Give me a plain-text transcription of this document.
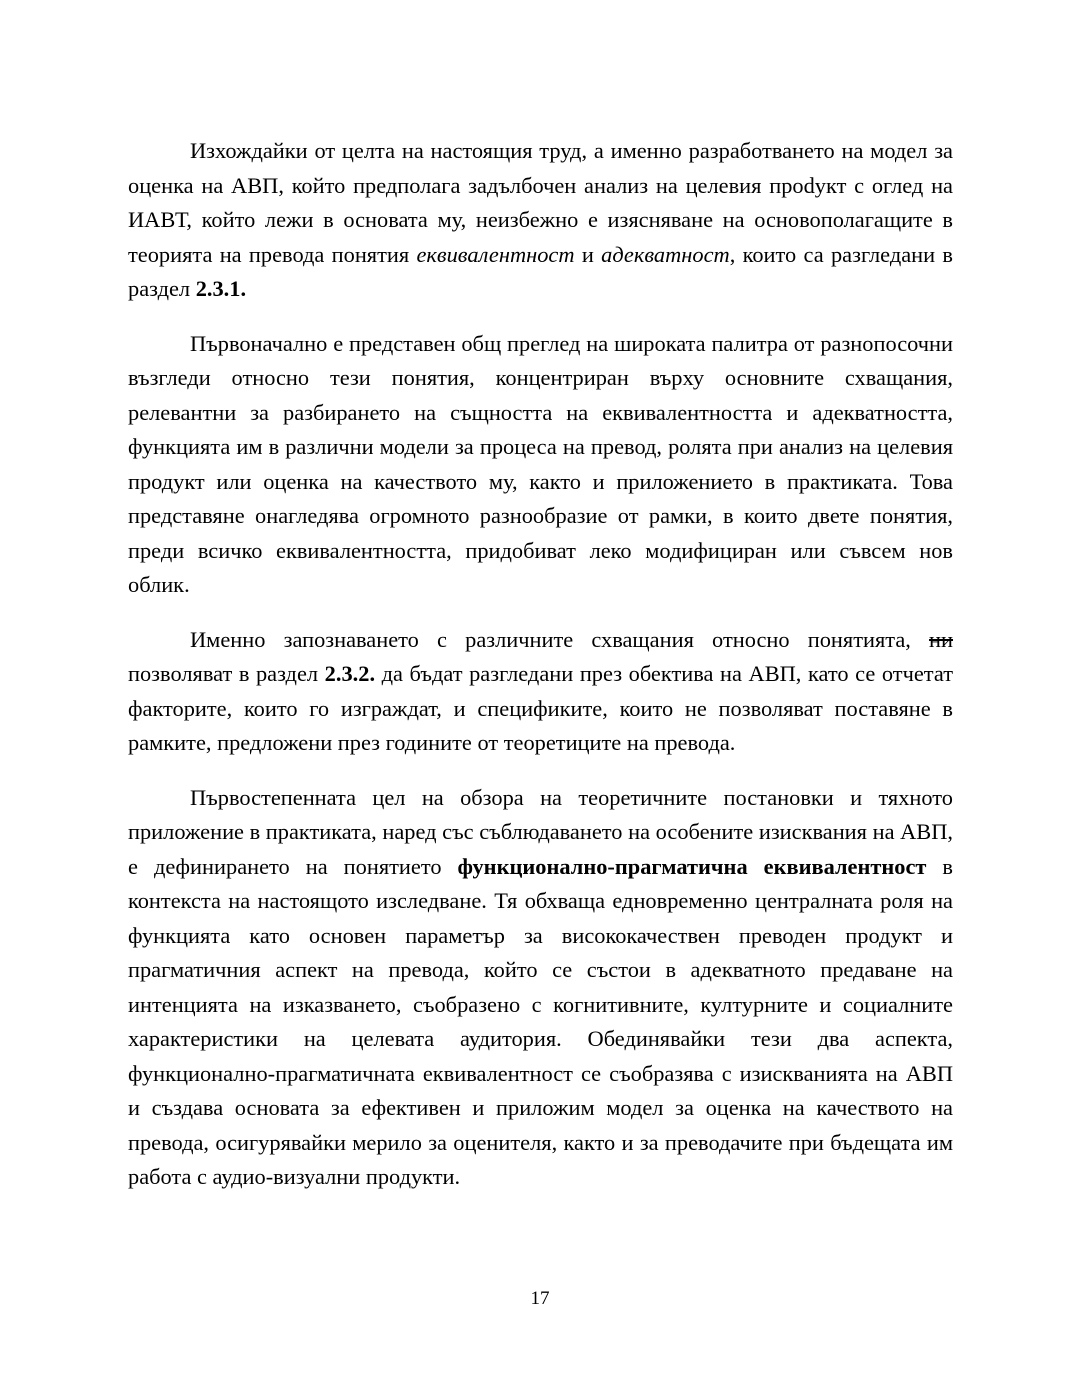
Изхождайки от целта на настоящия труд, а именно разработването на модел за оценка на АВП, който предполага задълбочен анализ на целевия проdукт с оглед на ИАВТ, който лежи в основата му, неизбежно е изясняване на основополагащите в теорията на превода понятия еквивалентност и адекватност, които са разгледани в раздел 2.3.1.

Първоначално е представен общ преглед на широката палитра от разнопосочни възгледи относно тези понятия, концентриран върху основните схващания, релевантни за разбирането на същността на еквивалентността и адекватността, функцията им в различни модели за процеса на превод, ролята при анализ на целевия продукт или оценка на качеството му, както и приложението в практиката. Това представяне онагледява огромното разнообразие от рамки, в които двете понятия, преди всичко еквивалентността, придобиват леко модифициран или съвсем нов облик.

Именно запознаването с различните схващания относно понятията, ни позволяват в раздел 2.3.2. да бъдат разгледани през обектива на АВП, като се отчетат факторите, които го изграждат, и спецификите, които не позволяват поставяне в рамките, предложени през годините от теоретиците на превода.

Първостепенната цел на обзора на теоретичните постановки и тяхното приложение в практиката, наред със съблюдаването на особените изисквания на АВП, е дефинирането на понятието функционално-прагматична еквивалентност в контекста на настоящото изследване. Тя обхваща едновременно централната роля на функцията като основен параметър за висококачествен преводен продукт и прагматичния аспект на превода, който се състои в адекватното предаване на интенцията на изказването, съобразено с когнитивните, културните и социалните характеристики на целевата аудитория. Обединявайки тези два аспекта, функционално-прагматичната еквивалентност се съобразява с изискванията на АВП и създава основата за ефективен и приложим модел за оценка на качеството на превода, осигурявайки мерило за оценителя, както и за преводачите при бъдещата им работа с аудио-визуални продукти.

17
